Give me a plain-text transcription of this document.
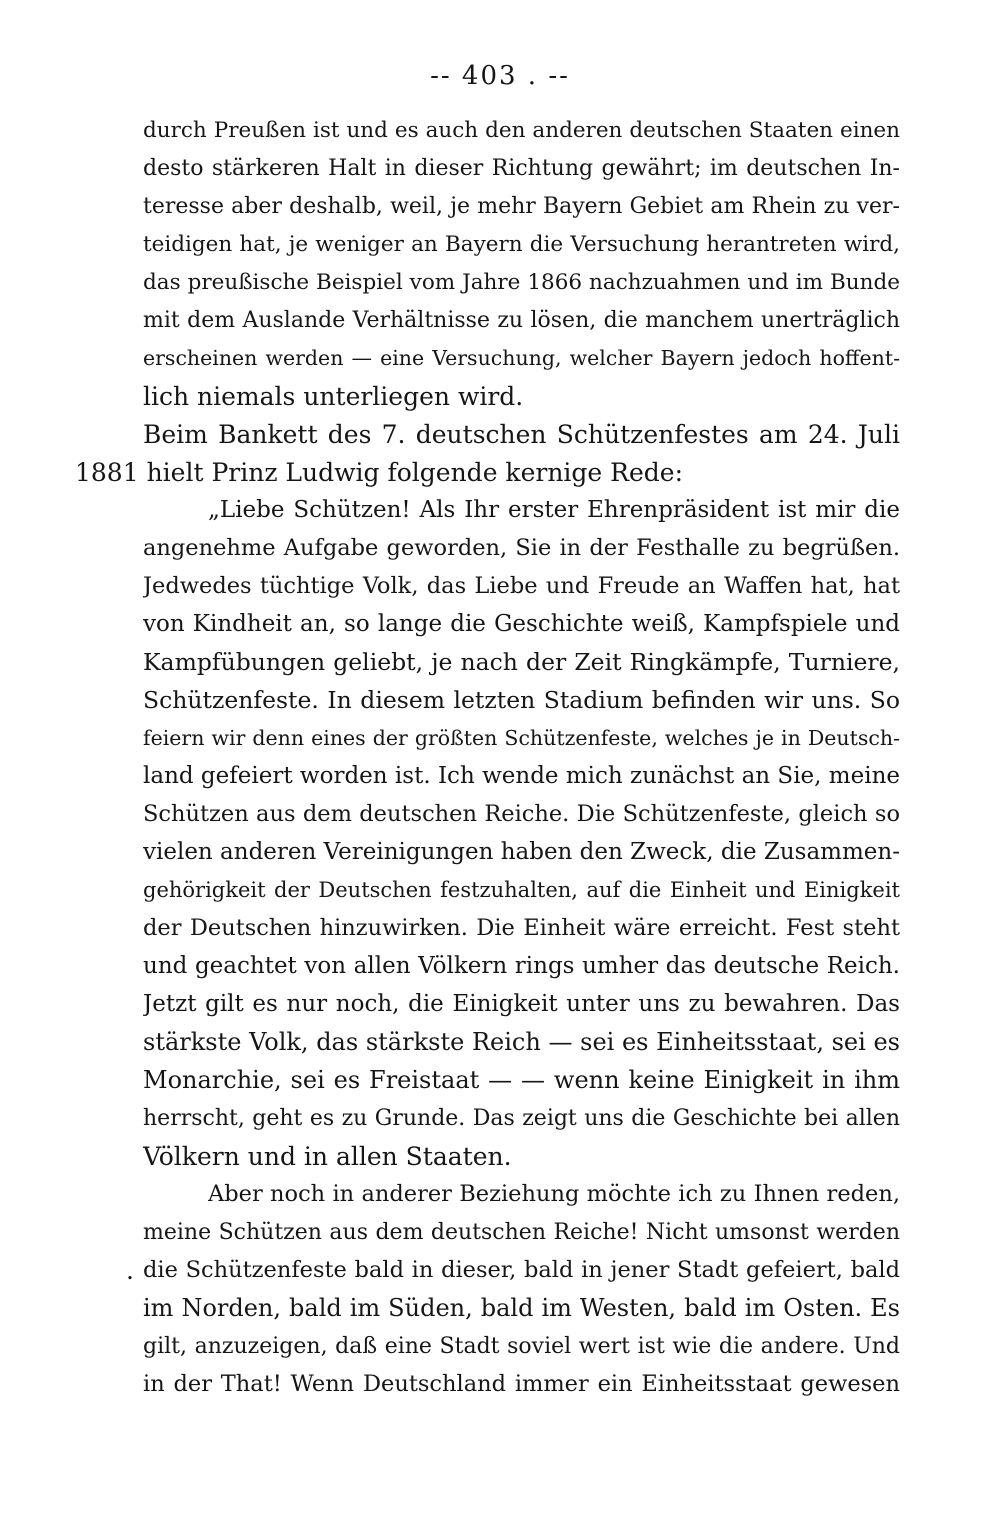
-- 403 . --
durch Preußen ist und es auch den anderen deutschen Staaten einen
desto stärkeren Halt in dieser Richtung gewährt; im deutschen In-
teresse aber deshalb, weil, je mehr Bayern Gebiet am Rhein zu ver-
teidigen hat, je weniger an Bayern die Versuchung herantreten wird,
das preußische Beispiel vom Jahre 1866 nachzuahmen und im Bunde
mit dem Auslande Verhältnisse zu lösen, die manchem unerträglich
erscheinen werden — eine Versuchung, welcher Bayern jedoch hoffent-
lich niemals unterliegen wird.
Beim Bankett des 7. deutschen Schützenfestes am 24. Juli
1881 hielt Prinz Ludwig folgende kernige Rede:
„Liebe Schützen! Als Ihr erster Ehrenpräsident ist mir die
angenehme Aufgabe geworden, Sie in der Festhalle zu begrüßen.
Jedwedes tüchtige Volk, das Liebe und Freude an Waffen hat, hat
von Kindheit an, so lange die Geschichte weiß, Kampfspiele und
Kampfübungen geliebt, je nach der Zeit Ringkämpfe, Turniere,
Schützenfeste. In diesem letzten Stadium befinden wir uns. So
feiern wir denn eines der größten Schützenfeste, welches je in Deutsch-
land gefeiert worden ist. Ich wende mich zunächst an Sie, meine
Schützen aus dem deutschen Reiche. Die Schützenfeste, gleich so
vielen anderen Vereinigungen haben den Zweck, die Zusammen-
gehörigkeit der Deutschen festzuhalten, auf die Einheit und Einigkeit
der Deutschen hinzuwirken. Die Einheit wäre erreicht. Fest steht
und geachtet von allen Völkern rings umher das deutsche Reich.
Jetzt gilt es nur noch, die Einigkeit unter uns zu bewahren. Das
stärkste Volk, das stärkste Reich — sei es Einheitsstaat, sei es
Monarchie, sei es Freistaat — — wenn keine Einigkeit in ihm
herrscht, geht es zu Grunde. Das zeigt uns die Geschichte bei allen
Völkern und in allen Staaten.
Aber noch in anderer Beziehung möchte ich zu Ihnen reden,
meine Schützen aus dem deutschen Reiche! Nicht umsonst werden
. die Schützenfeste bald in dieser, bald in jener Stadt gefeiert, bald
im Norden, bald im Süden, bald im Westen, bald im Osten. Es
gilt, anzuzeigen, daß eine Stadt soviel wert ist wie die andere. Und
in der That! Wenn Deutschland immer ein Einheitsstaat gewesen
